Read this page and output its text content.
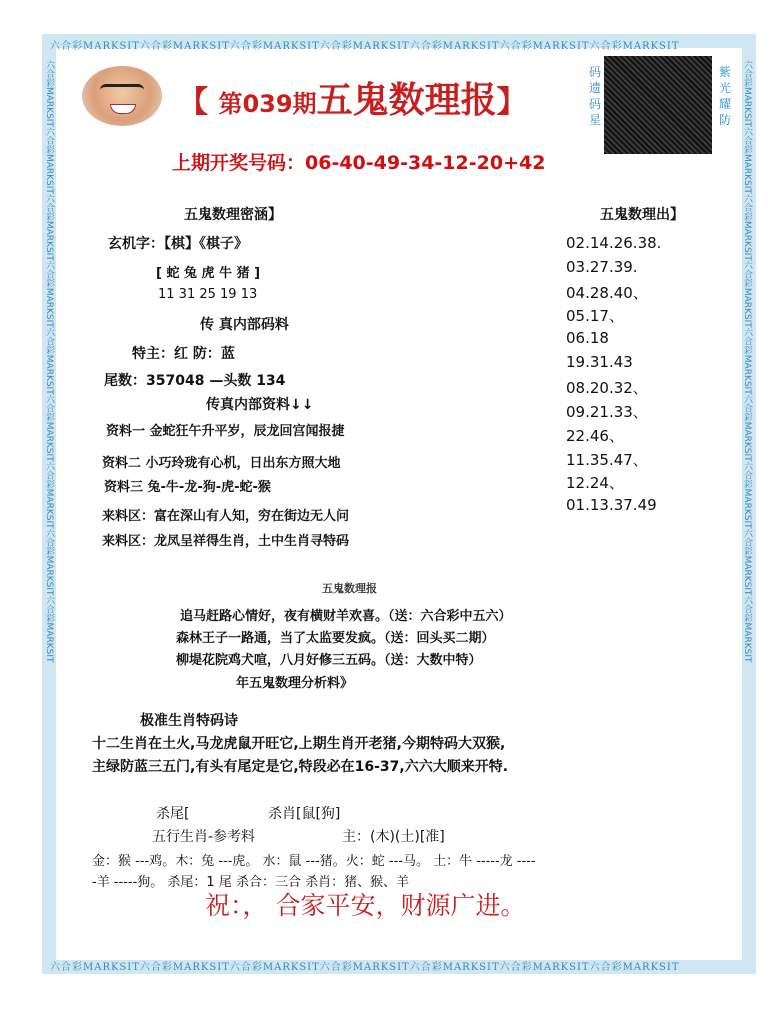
六合彩MARKSIT六合彩MARKSIT六合彩MARKSIT六合彩MARKSIT六合彩MARKSIT六合彩MARKSIT六合彩MARKSIT
六合彩MARKSIT六合彩MARKSIT六合彩MARKSIT六合彩MARKSIT六合彩MARKSIT六合彩MARKSIT六合彩MARKSIT
六合彩MARKSIT六合彩MARKSIT六合彩MARKSIT六合彩MARKSIT六合彩MARKSIT六合彩MARKSIT六合彩MARKSIT六合彩MARKSIT六合彩MARKSIT	六合彩MARKSIT六合彩MARKSIT六合彩MARKSIT六合彩MARKSIT六合彩MARKSIT六合彩MARKSIT六合彩MARKSIT六合彩MARKSIT六合彩MARKSIT
【 第039期五鬼数理报】
码
遗
码
星
紫
光
耀
防
上期开奖号码：06-40-49-34-12-20+42
五鬼数理密涵】
玄机字：【棋】《棋子》
[ 蛇 兔 虎 牛 猪 ]
11 31 25 19 13
传 真内部码料
特主：红 防：蓝
尾数：357048 —头数 134
传真内部资料↓↓
资料一 金蛇狂午升平岁，辰龙回宫闻报捷
资料二 小巧玲珑有心机，日出东方照大地
资料三 兔-牛-龙-狗-虎-蛇-猴
来料区：富在深山有人知，穷在街边无人问
来料区：龙凤呈祥得生肖，土中生肖寻特码
五鬼数理出】
02.14.26.38.
03.27.39.
04.28.40、
05.17、
06.18
19.31.43
08.20.32、
09.21.33、
22.46、
11.35.47、
12.24、
01.13.37.49
五鬼数理报
追马赶路心情好，夜有横财羊欢喜。（送：六合彩中五六）
森林王子一路通，当了太监要发疯。（送：回头买二期）
柳堤花院鸡犬喧，八月好修三五码。（送：大数中特）
年五鬼数理分析料》
极准生肖特码诗
十二生肖在土火,马龙虎鼠开旺它,上期生肖开老猪,今期特码大双猴,
主绿防蓝三五门,有头有尾定是它,特段必在16-37,六六大顺来开特.
杀尾[	杀肖[鼠[狗]
五行生肖-参考料	主：(木)(土)[准]
金：猴 ---鸡。木：兔 ---虎。 水：鼠 ---猪。火：蛇 ---马。 土：牛 -----龙 ----
-羊 -----狗。 杀尾：1 尾 杀合：三合 杀肖：猪、猴、羊
祝：， 合家平安，财源广进。
